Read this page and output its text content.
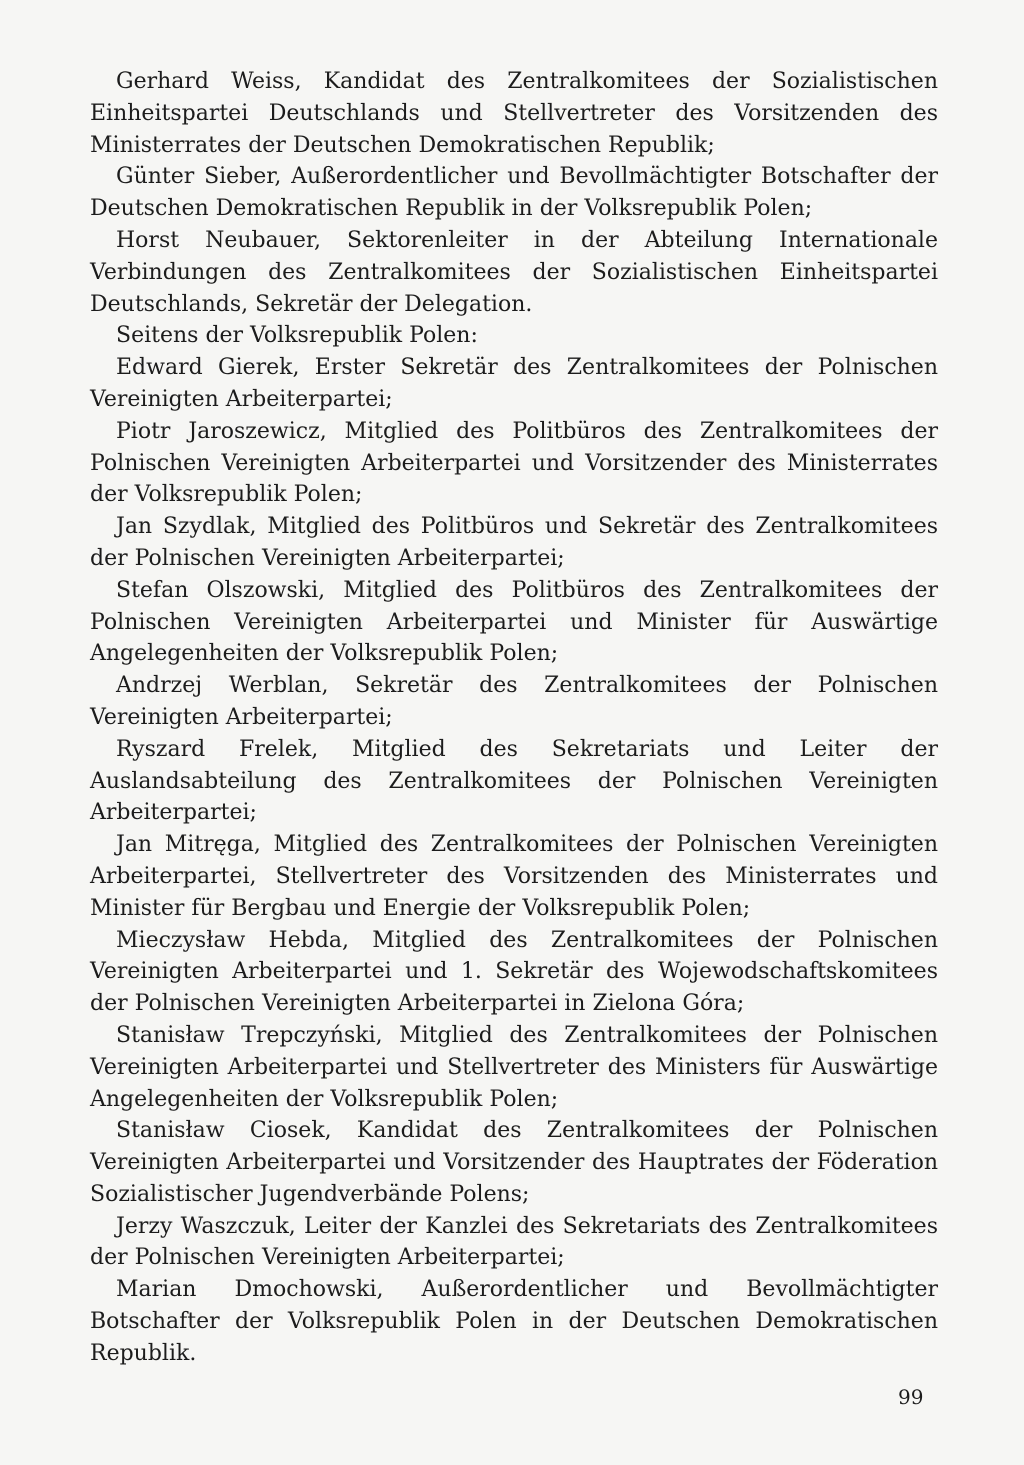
Gerhard Weiss, Kandidat des Zentralkomitees der Sozialistischen Einheitspartei Deutschlands und Stellvertreter des Vorsitzenden des Ministerrates der Deutschen Demokratischen Republik;

Günter Sieber, Außerordentlicher und Bevollmächtigter Botschafter der Deutschen Demokratischen Republik in der Volksrepublik Polen;

Horst Neubauer, Sektorenleiter in der Abteilung Internationale Verbindungen des Zentralkomitees der Sozialistischen Einheitspartei Deutschlands, Sekretär der Delegation.

Seitens der Volksrepublik Polen:

Edward Gierek, Erster Sekretär des Zentralkomitees der Polnischen Vereinigten Arbeiterpartei;

Piotr Jaroszewicz, Mitglied des Politbüros des Zentralkomitees der Polnischen Vereinigten Arbeiterpartei und Vorsitzender des Ministerrates der Volksrepublik Polen;

Jan Szydlak, Mitglied des Politbüros und Sekretär des Zentralkomitees der Polnischen Vereinigten Arbeiterpartei;

Stefan Olszowski, Mitglied des Politbüros des Zentralkomitees der Polnischen Vereinigten Arbeiterpartei und Minister für Auswärtige Angelegenheiten der Volksrepublik Polen;

Andrzej Werblan, Sekretär des Zentralkomitees der Polnischen Vereinigten Arbeiterpartei;

Ryszard Frelek, Mitglied des Sekretariats und Leiter der Auslandsabteilung des Zentralkomitees der Polnischen Vereinigten Arbeiterpartei;

Jan Mitręga, Mitglied des Zentralkomitees der Polnischen Vereinigten Arbeiterpartei, Stellvertreter des Vorsitzenden des Ministerrates und Minister für Bergbau und Energie der Volksrepublik Polen;

Mieczysław Hebda, Mitglied des Zentralkomitees der Polnischen Vereinigten Arbeiterpartei und 1. Sekretär des Wojewodschaftskomitees der Polnischen Vereinigten Arbeiterpartei in Zielona Góra;

Stanisław Trepczyński, Mitglied des Zentralkomitees der Polnischen Vereinigten Arbeiterpartei und Stellvertreter des Ministers für Auswärtige Angelegenheiten der Volksrepublik Polen;

Stanisław Ciosek, Kandidat des Zentralkomitees der Polnischen Vereinigten Arbeiterpartei und Vorsitzender des Hauptrates der Föderation Sozialistischer Jugendverbände Polens;

Jerzy Waszczuk, Leiter der Kanzlei des Sekretariats des Zentralkomitees der Polnischen Vereinigten Arbeiterpartei;

Marian Dmochowski, Außerordentlicher und Bevollmächtigter Botschafter der Volksrepublik Polen in der Deutschen Demokratischen Republik.

99
